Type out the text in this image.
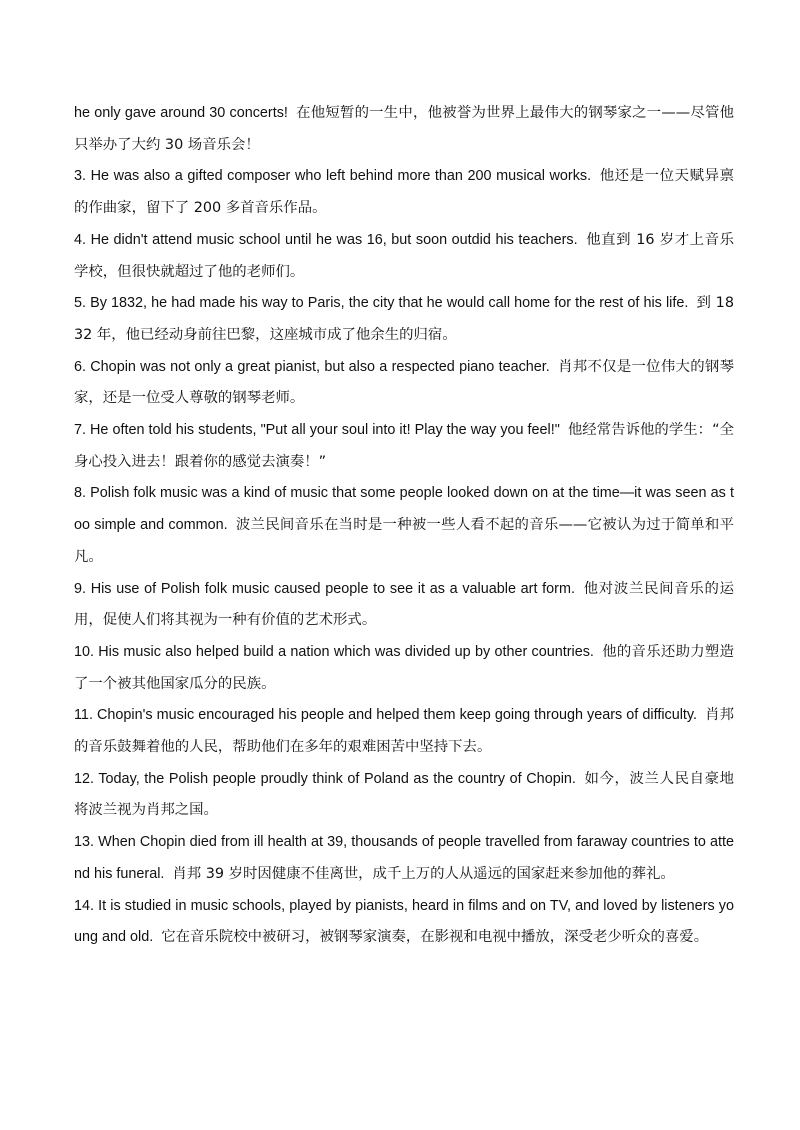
he only gave around 30 concerts! 在他短暂的一生中，他被誉为世界上最伟大的钢琴家之一——尽管他只举办了大约 30 场音乐会！

3. He was also a gifted composer who left behind more than 200 musical works. 他还是一位天赋异禀的作曲家，留下了 200 多首音乐作品。

4. He didn't attend music school until he was 16, but soon outdid his teachers. 他直到 16 岁才上音乐学校，但很快就超过了他的老师们。

5. By 1832, he had made his way to Paris, the city that he would call home for the rest of his life. 到 1832 年，他已经动身前往巴黎，这座城市成了他余生的归宿。

6. Chopin was not only a great pianist, but also a respected piano teacher. 肖邦不仅是一位伟大的钢琴家，还是一位受人尊敬的钢琴老师。

7. He often told his students, "Put all your soul into it! Play the way you feel!" 他经常告诉他的学生：“全身心投入进去！跟着你的感觉去演奏！”

8. Polish folk music was a kind of music that some people looked down on at the time—it was seen as too simple and common. 波兰民间音乐在当时是一种被一些人看不起的音乐——它被认为过于简单和平凡。

9. His use of Polish folk music caused people to see it as a valuable art form. 他对波兰民间音乐的运用，促使人们将其视为一种有价值的艺术形式。

10. His music also helped build a nation which was divided up by other countries. 他的音乐还助力塑造了一个被其他国家瓜分的民族。

11. Chopin's music encouraged his people and helped them keep going through years of difficulty. 肖邦的音乐鼓舞着他的人民，帮助他们在多年的艰难困苦中坚持下去。

12. Today, the Polish people proudly think of Poland as the country of Chopin. 如今，波兰人民自豪地将波兰视为肖邦之国。

13. When Chopin died from ill health at 39, thousands of people travelled from faraway countries to attend his funeral. 肖邦 39 岁时因健康不佳离世，成千上万的人从遥远的国家赶来参加他的葬礼。

14. It is studied in music schools, played by pianists, heard in films and on TV, and loved by listeners young and old. 它在音乐院校中被研习，被钢琴家演奏，在影视和电视中播放，深受老少听众的喜爱。
